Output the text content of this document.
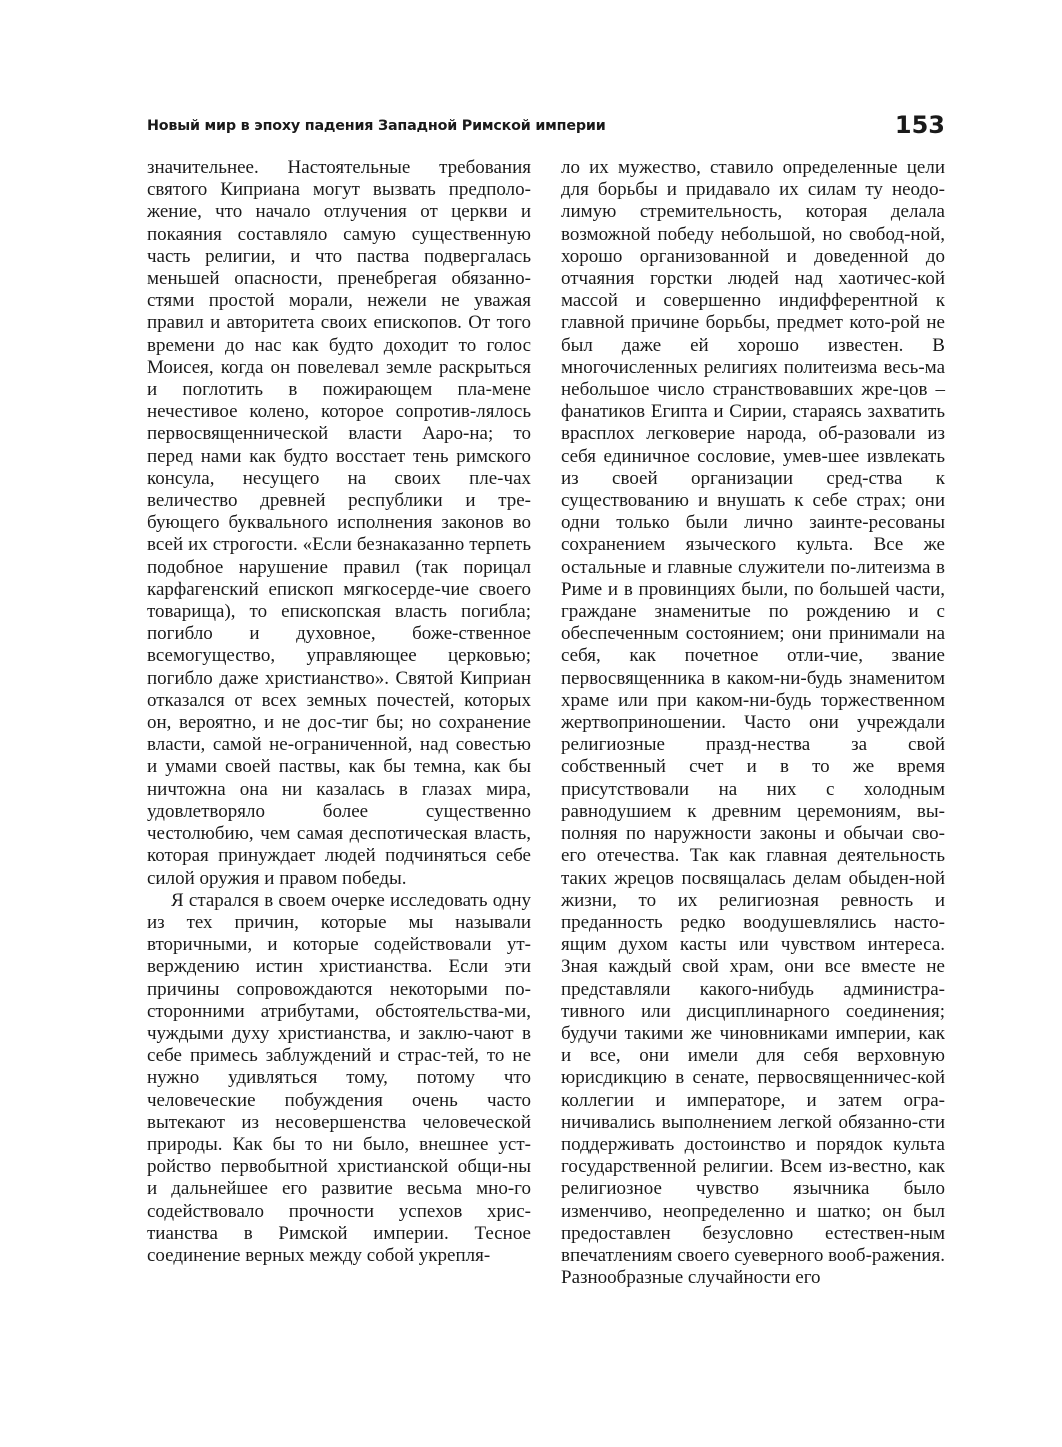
Новый мир в эпоху падения Западной Римской империи	153

значительнее. Настоятельные требования святого Киприана могут вызвать предполо-жение, что начало отлучения от церкви и покаяния составляло самую существенную часть религии, и что паства подвергалась меньшей опасности, пренебрегая обязанно-стями простой морали, нежели не уважая правил и авторитета своих епископов. От того времени до нас как будто доходит то голос Моисея, когда он повелевал земле раскрыться и поглотить в пожирающем пла-мене нечестивое колено, которое сопротив-лялось первосвященнической власти Ааро-на; то перед нами как будто восстает тень римского консула, несущего на своих пле-чах величество древней республики и тре-бующего буквального исполнения законов во всей их строгости. «Если безнаказанно терпеть подобное нарушение правил (так порицал карфагенский епископ мягкосерде-чие своего товарища), то епископская власть погибла; погибло и духовное, боже-ственное всемогущество, управляющее церковью; погибло даже христианство». Святой Киприан отказался от всех земных почестей, которых он, вероятно, и не дос-тиг бы; но сохранение власти, самой не-ограниченной, над совестью и умами своей паствы, как бы темна, как бы ничтожна она ни казалась в глазах мира, удовлетворяло более существенно честолюбию, чем самая деспотическая власть, которая принуждает людей подчиняться себе силой оружия и правом победы.

Я старался в своем очерке исследовать одну из тех причин, которые мы называли вторичными, и которые содействовали ут-верждению истин христианства. Если эти причины сопровождаются некоторыми по-сторонними атрибутами, обстоятельства-ми, чуждыми духу христианства, и заклю-чают в себе примесь заблуждений и страс-тей, то не нужно удивляться тому, потому что человеческие побуждения очень часто вытекают из несовершенства человеческой природы. Как бы то ни было, внешнее уст-ройство первобытной христианской общи-ны и дальнейшее его развитие весьма мно-го содействовало прочности успехов хрис-тианства в Римской империи. Тесное соединение верных между собой укрепля-

ло их мужество, ставило определенные цели для борьбы и придавало их силам ту неодо-лимую стремительность, которая делала возможной победу небольшой, но свобод-ной, хорошо организованной и доведенной до отчаяния горстки людей над хаотичес-кой массой и совершенно индифферентной к главной причине борьбы, предмет кото-рой не был даже ей хорошо известен. В многочисленных религиях политеизма весь-ма небольшое число странствовавших жре-цов – фанатиков Египта и Сирии, стараясь захватить врасплох легковерие народа, об-разовали из себя единичное сословие, умев-шее извлекать из своей организации сред-ства к существованию и внушать к себе страх; они одни только были лично заинте-ресованы сохранением языческого культа. Все же остальные и главные служители по-литеизма в Риме и в провинциях были, по большей части, граждане знаменитые по рождению и с обеспеченным состоянием; они принимали на себя, как почетное отли-чие, звание первосвященника в каком-ни-будь знаменитом храме или при каком-ни-будь торжественном жертвоприношении. Часто они учреждали религиозные празд-нества за свой собственный счет и в то же время присутствовали на них с холодным равнодушием к древним церемониям, вы-полняя по наружности законы и обычаи сво-его отечества. Так как главная деятельность таких жрецов посвящалась делам обыден-ной жизни, то их религиозная ревность и преданность редко воодушевлялись насто-ящим духом касты или чувством интереса. Зная каждый свой храм, они все вместе не представляли какого-нибудь администра-тивного или дисциплинарного соединения; будучи такими же чиновниками империи, как и все, они имели для себя верховную юрисдикцию в сенате, первосвященничес-кой коллегии и императоре, и затем огра-ничивались выполнением легкой обязанно-сти поддерживать достоинство и порядок культа государственной религии. Всем из-вестно, как религиозное чувство язычника было изменчиво, неопределенно и шатко; он был предоставлен безусловно естествен-ным впечатлениям своего суеверного вооб-ражения. Разнообразные случайности его
